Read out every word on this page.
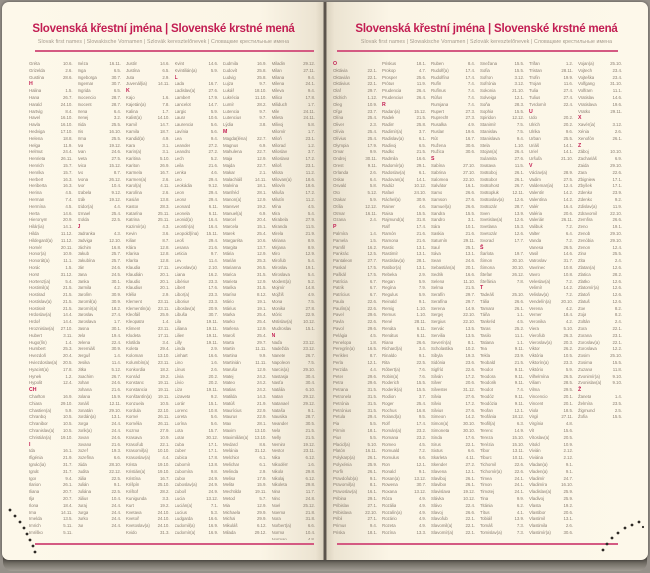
Slovenská křestní jména | Slovenské krstné mená
Slovak first names | Slowakische Vornamen | Szlovák keresztelőnevek | Словацкие крестильные имена
Gréta	10.6.
Grizelda	2.6.
Gustína	28.6.
H
Halina	1.5.
Hana	26.7.
Harald	24.10.
Hartvig	8.4.
Havel	16.10.
Havla	16.10.
Hedviga	17.10.
Helena	18.8.
Helga	11.9.
Helmut	24.4.
Henrieta	26.11.
Henrich	15.7.
Henrika	15.7.
Herbert	16.3.
Heriberta	16.3.
Herina	4.5.
Herman	7.4.
Hermína	4.5.
Herta	14.6.
Hieronym	20.9.
Hilár(ia)	14.1.
Hilda	11.12.
Hildegard(a) 11.12.
Homér	20.11.
Honor(a)	10.9.
Honorát(a)	11.1.
Horác	1.5.
Horst	31.12.
Hortenz(ia)	5.4.
Hostimil(a)	21.5.
Hostirad	21.5.
Hostislav(a)	21.5.
Hostisvit	21.5.
Hrdoslav(a)	14.4.
Hrdoš	14.4.
Hroznislav(a) 27.10.
Hubert	3.11.
Hugo(lín)	1.4.
Humbert	25.3.
Hvezdoň	20.4.
Hviezdoslav(a) 20.5.
Hyacint(a)	17.8.
Hynek	1.2.
Hypolit	12.4.
CH
Charlton	16.9.
Chiara	29.10.
Chastien(a)	5.9.
Chranboj	10.5.
Chranibor	10.5.
Chranislav(a) 10.5.
Christián(a) 19.10.
I
Ida	16.1.
Ifigénia	21.9.
Ignác(ia)	31.7.
Ignát	31.7.
Igor	9.4.
Ilarion	26.1.
Iliana	20.7.
Ilja	20.7.
Ilona	18.4.
Ima	14.11.
Imelda	13.5.
Imrich	5.11.
Imriško	5.11.
Inéza	16.11.
Inga	6.5.
Ingeborga	30.7.
Ingemar	30.7.
Ingrida	6.5.
Inocencio	28.7.
Inocent	28.7.
Irena	6.4.
Irenej	3.2.
Irida	25.5.
Iris	16.10.
Irma	25.5.
Iva	19.12.
Ivan	24.6.
Iveta	27.5.
Ivica	15.12.
Ivo	8.7.
Ivona	26.12.
Ivor	10.4.
Izabela	9.12.
Izák	19.12.
Izidor(a)	4.4.
Izmael	25.4.
Izolda	22.5.
J
Jadranka	4.3.
Jadviga	12.10.
Jáchim	16.8.
Jakub	25.7.
Jakubína	25.7.
Ján	24.6.
Jana	24.5.
Janka	30.1.
Jarmila	4.2.
Jarolím	30.9.
Jaromil(a)	30.9.
Jaromír(a)	18.2.
Jaroslav	27.4.
Jaroslava	1.7.
Jasna	30.1.
Jela	19.4.
Jelena	22.4.
Jeremiáš	30.9.
Jerguš	1.4.
Jesika	11.4.
Jitka	5.12.
Joachim	26.7.
Johan	24.6.
Johana	21.6.
Jolana	15.9.
Jonáš	12.11.
Jonatán	29.10.
Jordán(a)	13.1.
Jorga	24.4.
Jorik(a)	24.4.
Jovan	24.6.
Jovana	21.6.
Jozef	19.3.
Jozefína	6.6.
Júda	28.10.
Judita	22.12.
Júlia	22.5.
Julián	9.1.
Juliána	22.5.
Július	10.4.
Juraj	24.4.
Jurga	24.4.
Jurko	24.4.
Jur	24.4.
Justín	14.6.
Justína	6.5.
Juta	2.9.
Juvenál(ia) 14.11.
K
Kajo	1.6.
Kajetán(a)	7.8.
Kalina	1.7.
Kalist(a)	14.10.
Kamil	14.7.
Kamila	18.7.
Kandid(a)	4.9.
Kara	3.1.
Karin(a)	3.1.
Karitina	5.10.
Kariton	26.9.
Karmela	16.7.
Karmen(a)	2.6.
Karol(a)	4.11.
Karolína	2.6.
Kasián	13.8.
Kastor	28.3.
Katarína	25.11.
Katrina	25.11.
Kazimír(a)	4.3.
Kevin	3.6.
Kilian	8.7.
Klára	12.8.
Klarisa	12.8.
Klarita	12.8.
Klaudia	17.11.
Klaudián	20.1.
Klaudio	20.1.
Klaudius	20.1.
Klélia	2.9.
Klement	23.11.
Klementín(a) 23.11.
Kleofáš	25.9.
Kleopatra	1.4.
Kliment	23.11.
Klodeta	17.11.
Klotilda	3.4.
Koleta	29.4.
Koloman	13.10.
Kolumbín(a) 23.11.
Konkordia	18.2.
Konrád	19.2.
Konstanc	19.11.
Konstancia 19.11.
Konštantín(a) 19.11.
Konzuela	10.5.
Kordula	22.10.
Kornel	26.11.
Kornélia	26.11.
Kozma	27.9.
Krasava	10.9.
Krasoľub	22.1.
Krasomil(a) 10.10.
Krasoslav(a)	4.4.
Krista	19.10.
Kristián(a)	19.10.
Kristína	16.7.
Krišpín	25.10.
Krištof	28.2.
Kunigunda	3.3.
Kurt	19.2.
Kvetava	24.10.
Kvetoň	24.10.
Kvetoslav(a) 24.10.
Kvido	31.3.
Kvint	14.6.
Kvintilián(a)	5.9.
L
Lada	16.7.
Ladislav(a)	27.6.
Lambert	17.9.
Lancelot	14.7.
Largio	5.9.
Laura	10.6.
Laurencia	5.6.
Lavínia	5.6.
Lea	9.4.
Leander	27.2.
Leandro	27.2.
Lech	5.2.
Leila	21.6.
Lenka	4.6.
Leo	29.4.
Leokádia	9.12.
Leon	29.4.
Leona	29.4.
Leonard	6.11.
Leonela	6.11.
Leonid(a)	16.4.
Leontín(a)	16.4.
Leopold(ína) 15.11.
Leoš	29.4.
Lesana	21.6.
Leticia	9.7.
Lev	11.4.
Levoslav(a)	2.10.
Liana	16.2.
Libérius	23.3.
Libert	17.6.
Libor(a)	23.3.
Liborius	23.3.
Liboslav(a)	20.9.
Libuša	30.7.
Lila	19.11.
Liliana	19.11.
Lilien	19.11.
Lilly	19.11.
Linda	2.9.
Linhart	16.6.
Lino	1.6.
Línus	2.6.
Lívia	20.2.
Lívio	20.2.
Liza	19.11.
Lizaveta	9.2.
Lorán	15.1.
Lorenc	10.8.
Loreta	5.6.
Lorína	5.6.
Lota	15.7.
Lotar	30.12.
Ľuba	17.1.
Ľuben	17.1.
Ľubica	17.8.
Ľubomír	13.8.
Ľubomíra	9.8.
Ľubor	24.9.
Ľuboslav(a)	24.9.
Ľuboš	24.9.
Lucia	13.12.
Lucián(a)	7.1.
Lucius	5.3.
Ludgarda	16.6.
Ľudomil(a)	16.9.
Ľudomír(a)	16.9.
Ľudmila	16.9.
Ľudovít	25.8.
Ludvig	25.8.
Lujza	9.7.
Lukáš	18.10.
Lukrécia	11.10.
Lumír	28.2.
Lutencia	9.7.
Lutencius	9.7.
Lýdia	3.8.
M
Magda(léna) 22.7.
Magnus	6.9.
Mahulena	22.7.
Maja	12.9.
Majda	22.7.
Makar	2.1.
Malachiáš	14.11.
Malvína	18.1.
Manfréd	28.1.
Manon(a)	12.9.
Mansvet	19.2.
Manuel(a)	6.9.
Marcel	20.4.
Marcela	15.1.
Marek	25.4.
Margaréta	10.6.
Margita	13.7.
Mária	12.9.
Marián	25.3.
Marianna	26.5.
Marica	31.5.
Marieta	12.9.
Marika	31.5.
Marína	8.12.
Mário	19.1.
Márius	19.1.
Marka	25.4.
Marko	25.4.
Marlena	12.9.
Maroš	25.4.
Marta	29.7.
Martin	11.11.
Martina	9.9.
Martinián	11.11.
Maruša	12.9.
Matej	24.2.
Mateo	24.2.
Matias	24.2.
Matilda	14.3.
Matúš	21.9.
Maurícius	22.9.
Maurus	22.9.
Max	28.1.
Maxim	13.10.
Maximilián(a) 13.10.
Medard	8.6.
Melánia	31.12.
Melchior	6.1.
Melichar	6.1.
Melinda	2.9.
Melisa	17.9.
Melita	15.9.
Mechtilda	19.11.
Metod	5.7.
Mia	12.9.
Michaela	29.9.
Michal	29.9.
Mikuláš	6.12.
Milada	29.12.
Miladin	29.12.
Milan	27.11.
Milana	9.4.
Milena	24.1.
Mileva	9.4.
Milica	17.8.
Miliduch	1.7.
Mile	24.11.
Mileta	24.11.
Milivoj	5.8.
Milomír	1.7.
Miloň	23.1.
Milorad	1.2.
Miloslav	3.7.
Miloslava	17.2.
Miloš	23.1.
Milota	11.2.
Milovan(a)	18.6.
Milovín	18.6.
Miluša	17.2.
Milutín	11.2.
Mína	4.5.
Mira	5.4.
Mirabela	27.9.
Miranda	11.5.
Mirela	21.9.
Miriana	8.9.
Mirjana	8.9.
Miro	12.9.
Miroľub	5.4.
Miroslav	19.1.
Miroslava	5.4.
Modest(a)	5.2.
Mojmír	14.8.
Mojžiš	4.9.
Mona	7.5.
Monika	27.8.
Móric	22.9.
Mstislav(a) 10.12.
Mudroslav	15.1.
N
Naďa	23.12.
Nadežda	23.12.
Nanete	26.7.
Napoleon	7.5.
Narcis(a)	29.10.
Nastasja	30.4.
Nasťa	30.4.
Natália	6.10.
Natan	29.12.
Natanael	29.12.
Nataša	9.1.
Nausika	28.7.
Neander	30.5.
Nela	21.5.
Nelly	21.5.
Nemira	19.12.
Nestor	23.11.
Nika	6.12.
Nikodém	1.6.
Nikola	29.8.
Nikolaj	6.12.
Nikoleta	29.8.
Nina	11.7.
Nino	24.8.
Noel	25.12.
Noema	21.8.
Nora	31.8.
Norbert(a)	6.6.
Norma	10.4.
Norman	4.8.
Slovenská křestní jména | Slovenské krstné mená
Slovak first names | Slowakische Vornamen | Szlovák keresztelőnevek | Словацкие крестильные имена
O
Oktávia	22.1.
Oktavián	22.1.
Oktávius	22.1.
Olaf	29.7.
Oldrich	1.12.
Oleg	10.9.
Oľga	23.7.
Olína	25.4.
Oliver	2.3.
Olívia	25.4.
Olívius	25.4.
Olympia	17.9.
Omar	9.9.
Ondrej	30.11.
Orest	9.11.
Orlanda	2.6.
Oskar	6.4.
Osvald	5.8.
Oto	5.12.
Otakar	5.9.
Otília	12.12.
Otmar	16.11.
Ozana	2.4.
P
Palmíra	1.4.
Pamela	1.5.
Pamfil	16.2.
Pankrác	12.5.
Pantaleon	27.7.
Paskal	17.5.
Paškál	17.5.
Patrícia	6.7.
Patrik	6.7.
Patrícius	6.7.
Paula	22.6.
Paulín(a)	22.6.
Pavel	29.6.
Pavla	22.6.
Pavol	29.6.
Pelágia	4.5.
Penelopa	1.8.
Peregrín(a)	16.5.
Perikles	8.7.
Perla	12.1.
Perzida	4.4.
Peter	29.6.
Petra	29.6.
Petrana	31.5.
Petronela	31.5.
Petrónia	31.5.
Petrónius	31.5.
Petula	29.4.
Pia	5.5.
Pirmin	18.1.
Pius	5.5.
Placid(a)	5.10.
Platón	16.11.
Polykarp(a)	26.1.
Polyxénia	25.9.
Porfír	26.1.
Pravdoľub(a)	9.1.
Pravomil(a)	8.1.
Pravoslav(a) 16.1.
Pribina	29.1.
Pribislav	27.1.
Pribislava	22.10.
Pribil	27.1.
Primus	9.4.
Priska	18.1.
Priskus	18.1.
Prokop	4.7.
Prosper	25.6.
Prótus	11.9.
Prudencia	26.4.
Prudencius	26.4.
R
Radan(a)	15.12.
Radek	21.5.
Radim	25.8.
Radimír(a)	3.7.
Radislav(a)	6.1.
Radivoj	6.5.
Radko	21.5.
Radmila	16.6.
Radomír(a)	29.1.
Radoslav(a)	6.1.
Radovan(a)	14.1.
Radúz	10.12.
Rafael	24.10.
Ráchel(a)	30.9.
Rainer	4.6.
Raisa	15.5.
Rajmund(a)	31.8.
Ralf	17.4.
Ramón	21.6.
Ramona	21.6.
Rastic	13.1.
Rastimír	13.1.
Rastislav(a)	28.1.
Ratibor(a)	13.1.
Rebeka	2.9.
Regan	5.9.
Regína	7.9.
Regulus	5.9.
Reinald	9.1.
Remig	1.10.
Remus	1.10.
René	28.11.
Renáta	6.11.
Renátus	6.11.
Riana	26.6.
Richard(a)	3.4.
Rinaldo	9.1.
Rita	22.5.
Róbert(a)	7.6.
Robin(a)	7.6.
Roderich	15.5.
Roderik(a)	15.5.
Rodion	3.7.
Roger	25.4.
Rochus	16.8.
Roland(a)	9.5.
Rolf	17.4.
Román(a)	23.2.
Romana	23.2.
Romeo	4.5.
Romuald	7.2.
Romulus	6.6.
Ron	12.1.
Ronald	9.1.
Rosan(a)	13.12.
Rowena	30.7.
Roxana	13.12.
Róza	4.9.
Rozália	4.9.
Rozalín(a)	4.9.
Rozário	4.9.
Rozeta	4.9.
Rozína	13.3.
Ruben	8.4.
Rudolf(a)	17.4.
Rudolfína	17.4.
Rufín	7.4.
Rufínus	7.4.
Rúfus	7.4.
Rumjana	7.4.
Rupert	27.3.
Ruprecht	27.3.
Rusalka	4.9.
Ruslan	19.6.
Rút	16.7.
Ružena	30.6.
Ružica	30.6.
S
Sabína	27.10.
Sabrina	27.10.
Salomea	22.10.
Salvátor	16.1.
Samo	26.6.
Samson	27.6.
Samuel(a)	26.6.
Sandra	15.5.
Sandro	3.1.
Sára	10.1.
Saskia	21.6.
Saturnín	29.11.
Saul	25.1.
Sáva	13.1.
Sean	24.6.
Sebastián(a) 20.1.
Sedrik	16.6.
Selena	11.10.
Selma	21.5.
Serafín	29.7.
Serafína	29.7.
Serena	14.9.
Sergej	22.10.
Sergius	22.10.
Servác	13.5.
Servilia	13.5.
Severín(a)	8.1.
Scholastika	10.2.
Sibyla	19.3.
Sidónia	23.6.
Sigfríd	22.6.
Silván	17.2.
Silver	20.6.
Silvester	31.12.
Silvia	27.6.
Silvio	17.2.
Silvius	27.6.
Simeon	14.2.
Simon(a)	30.10.
Simoneta	30.10.
Sinda	17.6.
Sirus	22.1.
Sixtus	6.6.
Skarleta	4.11.
Skender	27.2.
Slavena	12.1.
Slaviboj	26.1.
Slavibor	26.1.
Slavislava	19.12.
Slávka	10.12.
Slávo	22.4.
Slavoj	26.6.
Slavoľub	22.1.
Slavomil(a)	22.1.
Slavomír(a)	22.1.
Snežana	15.5.
Sofia	15.5.
Sofron	3.12.
Sofrónia	3.12.
Sokonia	21.10.
Solveiga	12.1.
Soňa	28.3.
Sophia	15.5.
Spiridon	12.12.
Stanimír	7.5.
Stanislav	7.5.
Stanislava	9.4.
Stela	1.10.
Stojan(a)	26.4.
Sulamita	27.6.
Svatava	11.5.
Svätoboj	26.1.
Svätobor	26.1.
Svätohost	26.7.
Svätopluk	12.11.
Svätoslav(a) 12.6.
Svätozár	28.7.
Sven	13.9.
Svetislav(a)	12.6.
Svetlana	15.3.
Svetozár	12.6.
Svorad	17.7.
Š
Šarlota	19.7.
Šimon	30.10.
Šimona	30.10.
Štefan	26.12.
Štefánia	7.8.
T
Tadeáš	25.10.
Tália	26.6.
Tamara	26.1.
Táňa	1.1.
Tankréd	4.5.
Taras	25.2.
Tasilo	11.1.
Tatiana	1.1.
Tea	9.11.
Tekla	23.9.
Teobald	21.5.
Teodor	9.11.
Teodora	9.11.
Teodorik	9.11.
Teodot	7.4.
Teodóz	9.11.
Teodózia	9.11.
Teofan	12.1.
Teofánia	18.12.
Teofil(a)	6.3.
Terenc	14.9.
Tereza	15.10.
Terézia	15.10.
Tibor	13.11.
Tiburc	10.11.
Tichomil	22.6.
Tichomír(a)	22.6.
Timea	24.1.
Timon	24.1.
Timotej	24.1.
Tina	9.9.
Titánia	6.2.
Títus	4.1.
Tobiáš	13.9.
Tomáš	7.3.
Tomislav(a)	7.3.
Trifan	1.2.
Tristan	28.11.
Trofin	19.9.
Trojan	11.6.
Tulia	27.4.
Tulius	27.4.
Tvrdomír	22.4.
U
Udo	20.2.
Ulrich	20.2.
Ulrika	9.6.
Urban	25.5.
Uriáš	14.1.
Uriel	14.1.
Uršuľa	21.10.
V
Václav(a)	28.9.
Vadim	27.5.
Valdemar(ia) 12.4.
Valentín	14.2.
Valentína	14.2.
Valér	16.4.
Valéria	20.6.
Valerián	26.11.
Valibuk	7.2.
Valter	6.4.
Vanda	7.2.
Vanesa	26.5.
Vasil	14.6.
Vatroslav	31.7.
Vavrinec	10.8.
Vavro	10.8.
Veleslav(a)	7.2.
Velimír	14.2.
Velislav(a)	7.2.
Vendelín(a) 20.10.
Verena	4.2.
Verner	18.4.
Veronika	4.2.
Viera	5.10.
Vieroľub	26.3.
Vieroslav(a)	20.3.
Viktor	26.2.
Viktória	10.5.
Viktorín(a)	23.3.
Viktório	5.9.
Vilhelmína	26.5.
Viliam	28.5.
Vilma	29.5.
Vincencio	20.1.
Vincent	20.1.
Viola	18.5.
Virgil	27.11.
Virgínia	4.8.
Vít	15.6.
Vítoslav(a)	20.5.
Vitold	10.9.
Vivián	2.12.
Viviána	2.12.
Vladan(a)	9.1.
Vladen(a)	9.1.
Vladimír	24.7.
Vladimíra	16.10.
Vladislav(a)	25.9.
Vladivoj	25.9.
Vlasta	19.2.
Vlastibor	20.6.
Vlastimil	13.1.
Vlastimila	2.6.
Vlastimír(a)	30.6.
Vojan(a)	25.10.
Vojtech	23.4.
Vojteška	23.4.
Volfgang	31.10.
Volfram	11.1.
Vratislav	14.6.
Vratislava	19.6.
Vratko	29.11.
X
Xavér(ia)	3.12.
Xénia	2.6.
Xenofón	26.1.
Z
Záboj	10.10.
Zachariáš	6.9.
Zaida	29.10.
Zara	22.6.
Zbigniew	17.1.
Zbyšek	17.1.
Zdenka	23.9.
Zdenko	9.2.
Zdislav(a)	11.9.
Zdravomil	22.10.
Zemfira	26.6.
Zeno	19.1.
Zenob	29.10.
Zenóbia	29.10.
Zenon	12.4.
Zina	25.5.
Zita	2.4.
Zlatan(a)	12.6.
Zlatica	28.2.
Zlatko	12.6.
Zlatomír(a)	12.6.
Zlatoň	12.6.
Zlatuš	12.6.
Zoe	8.2.
Zoja	8.2.
Zoltán	2.4.
Zora	22.1.
Zorana	23.1.
Zoroslav(a)	22.1.
Zoroslava	12.2.
Zosim	25.10.
Zosima	15.5.
Zuzana	11.8.
Zvonimír(a)	9.10.
Zvonislav(a)	9.10.
Ž
Žaneta	1.4.
Želmíra	23.5.
Žigmund	2.5.
Žofia	15.5.
